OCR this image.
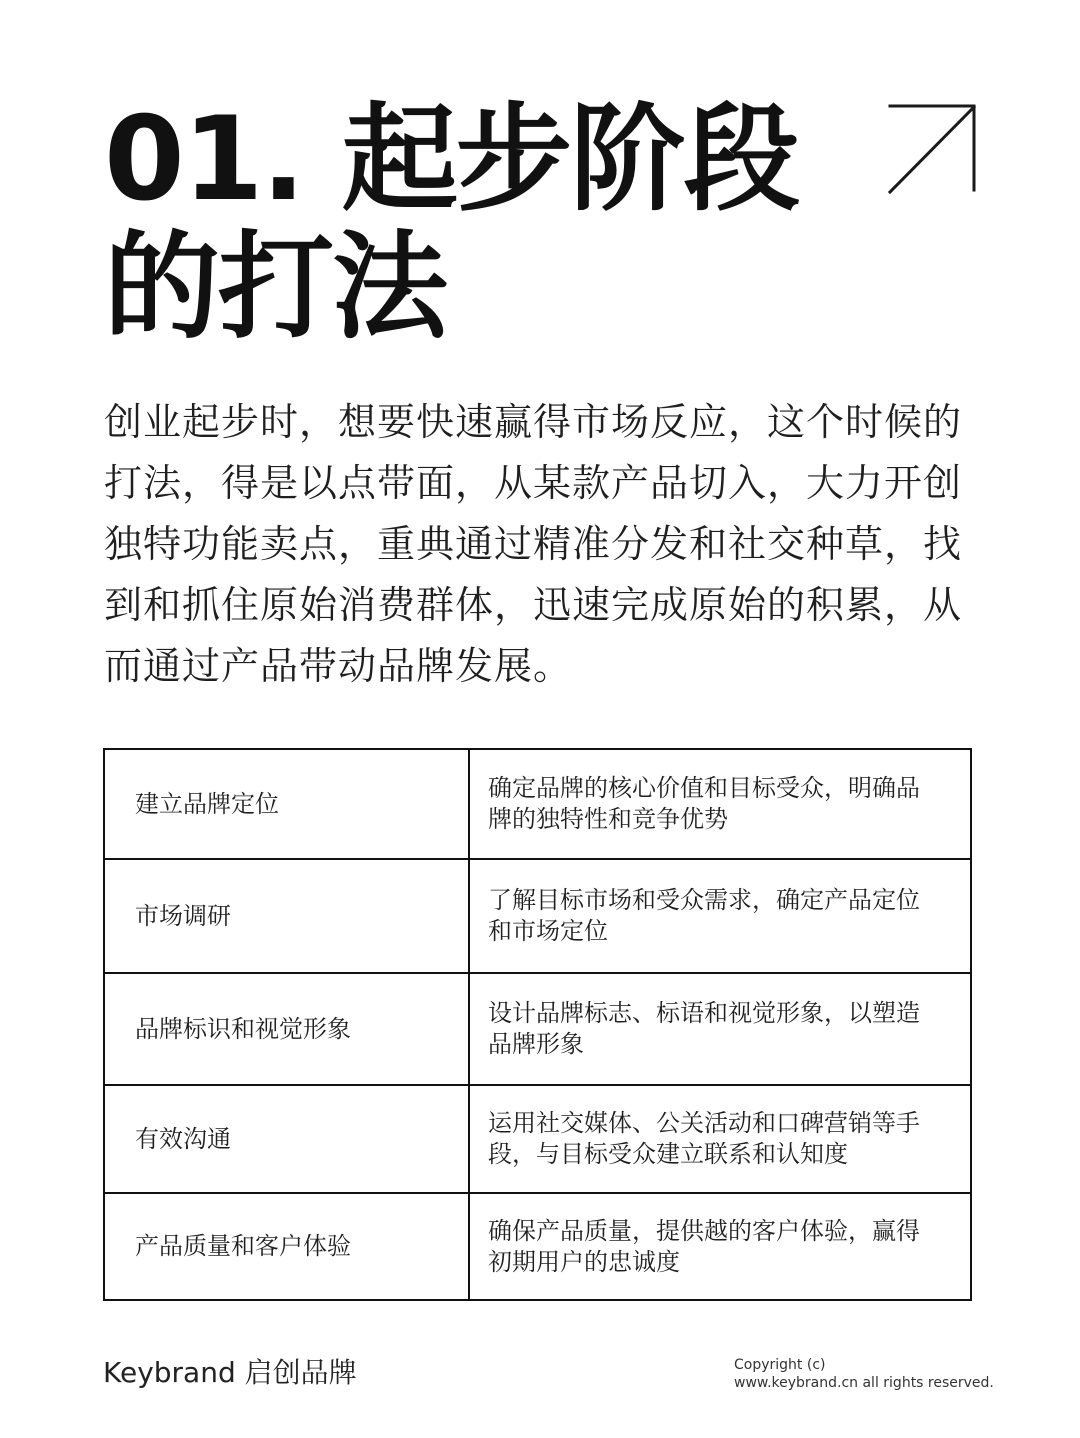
01. 起步阶段
的打法

创业起步时，想要快速赢得市场反应，这个时候的打法，得是以点带面，从某款产品切入，大力开创独特功能卖点，重典通过精准分发和社交种草，找到和抓住原始消费群体，迅速完成原始的积累，从而通过产品带动品牌发展。

建立品牌定位	确定品牌的核心价值和目标受众，明确品牌的独特性和竞争优势
市场调研	了解目标市场和受众需求，确定产品定位和市场定位
品牌标识和视觉形象	设计品牌标志、标语和视觉形象，以塑造品牌形象
有效沟通	运用社交媒体、公关活动和口碑营销等手段，与目标受众建立联系和认知度
产品质量和客户体验	确保产品质量，提供越的客户体验，赢得初期用户的忠诚度

Keybrand 启创品牌	Copyright (c)
www.keybrand.cn all rights reserved.
